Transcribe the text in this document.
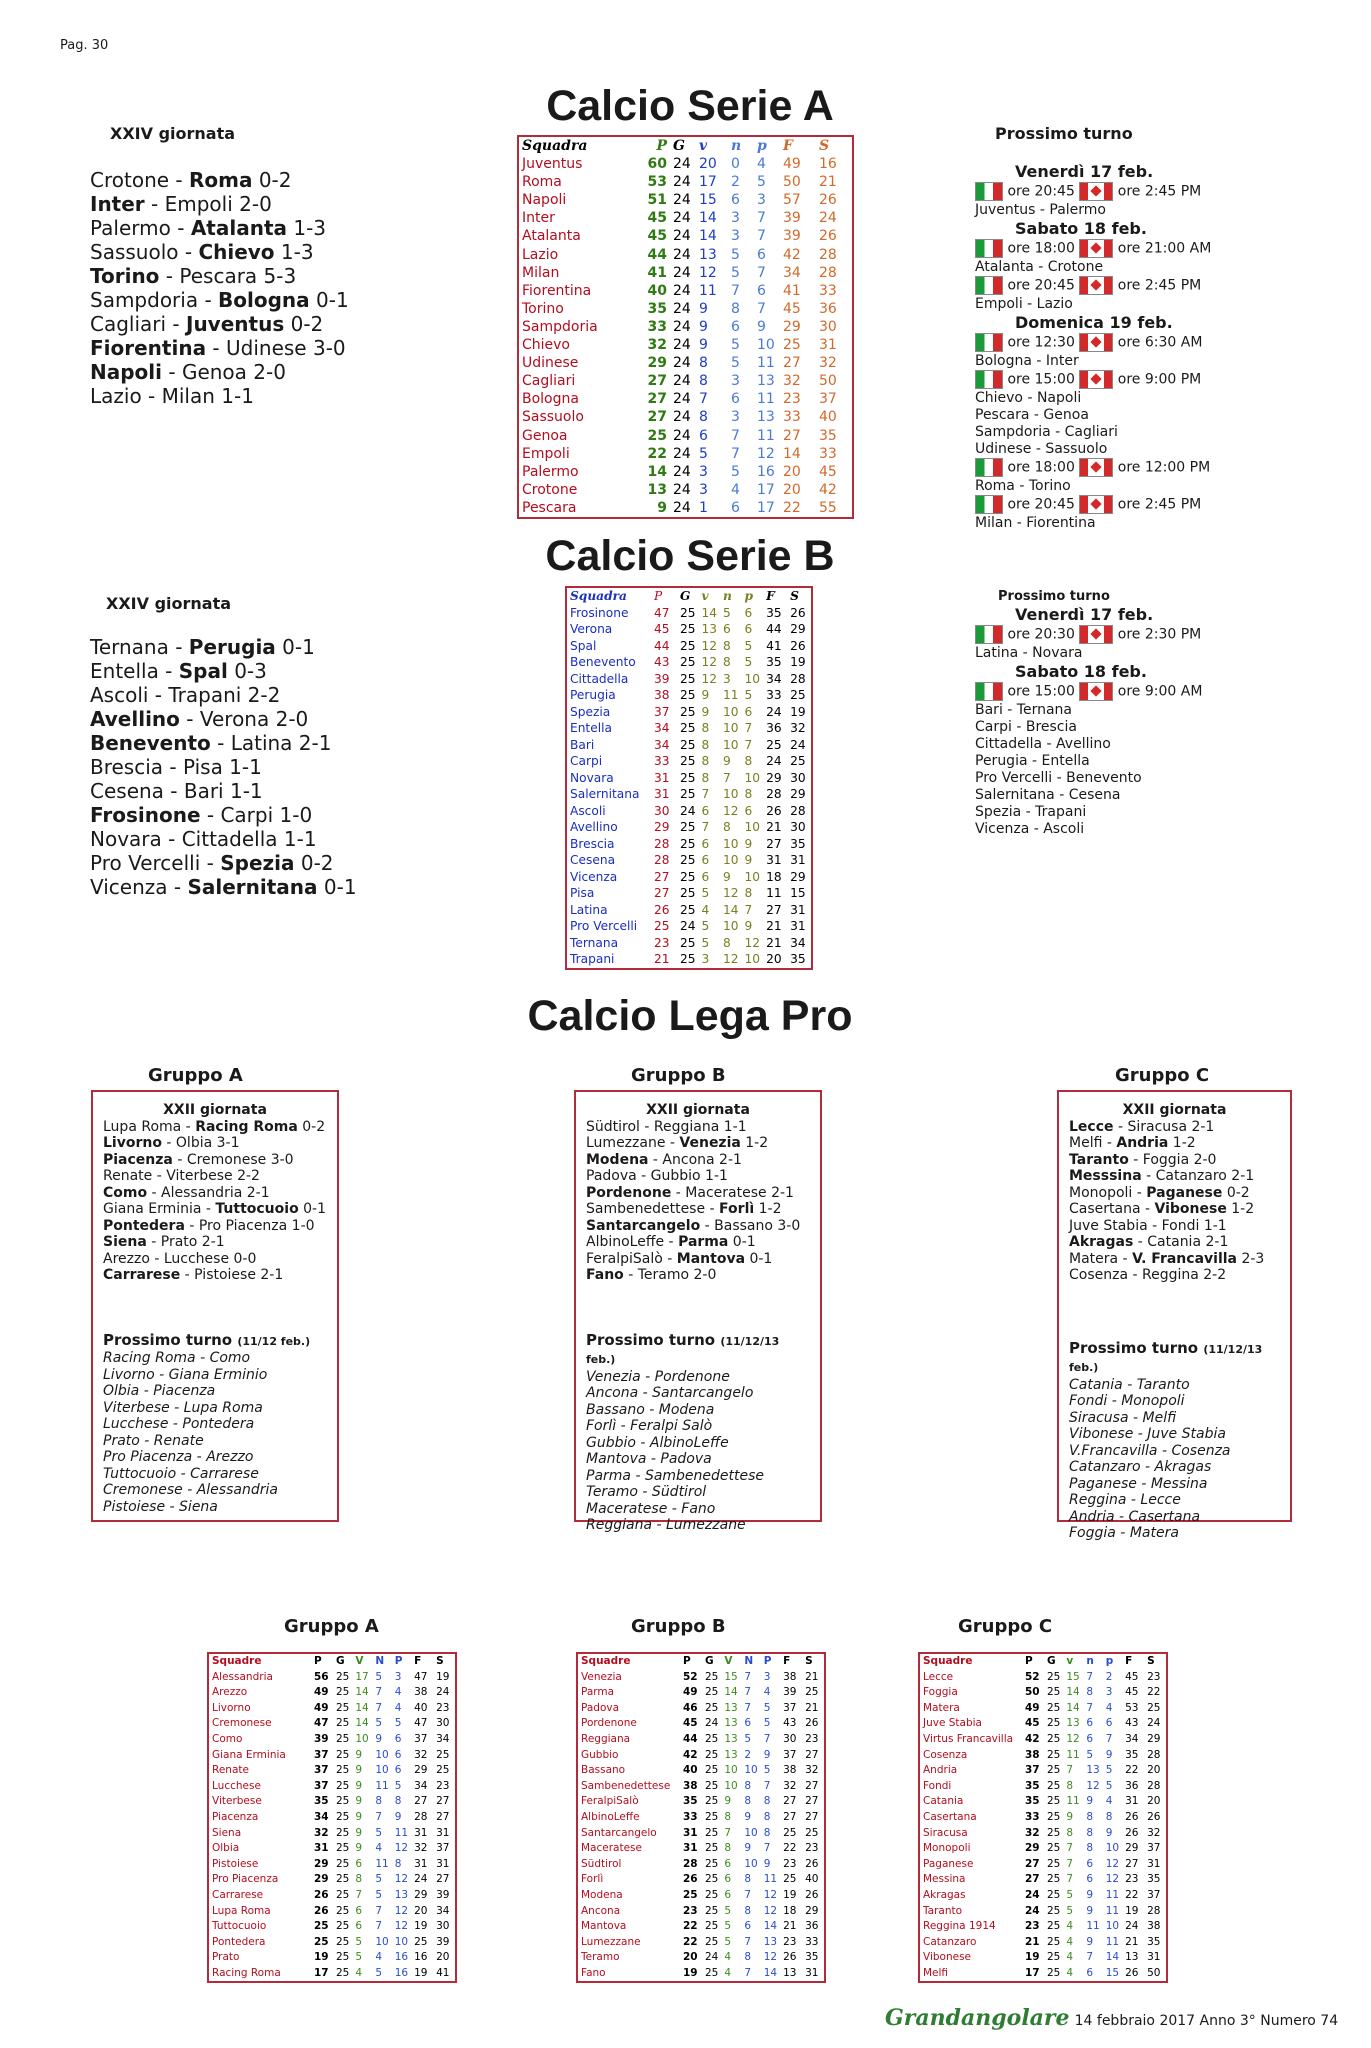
Pag. 30
Calcio Serie A
XXIV giornata
Crotone - Roma 0-2
Inter - Empoli 2-0
Palermo - Atalanta 1-3
Sassuolo - Chievo 1-3
Torino - Pescara 5-3
Sampdoria - Bologna 0-1
Cagliari - Juventus 0-2
Fiorentina - Udinese 3-0
Napoli - Genoa 2-0
Lazio - Milan 1-1
Squadra	P	G	v	n	p	F	S
Juventus	60	24	20	0	4	49	16
Roma	53	24	17	2	5	50	21
Napoli	51	24	15	6	3	57	26
Inter	45	24	14	3	7	39	24
Atalanta	45	24	14	3	7	39	26
Lazio	44	24	13	5	6	42	28
Milan	41	24	12	5	7	34	28
Fiorentina	40	24	11	7	6	41	33
Torino	35	24	9	8	7	45	36
Sampdoria	33	24	9	6	9	29	30
Chievo	32	24	9	5	10	25	31
Udinese	29	24	8	5	11	27	32
Cagliari	27	24	8	3	13	32	50
Bologna	27	24	7	6	11	23	37
Sassuolo	27	24	8	3	13	33	40
Genoa	25	24	6	7	11	27	35
Empoli	22	24	5	7	12	14	33
Palermo	14	24	3	5	16	20	45
Crotone	13	24	3	4	17	20	42
Pescara	9	24	1	6	17	22	55
Prossimo turno
Venerdì 17 feb.
ore 20:45  ore 2:45 PM
Juventus - Palermo
Sabato 18 feb.
ore 18:00  ore 21:00 AM
Atalanta - Crotone
ore 20:45  ore 2:45 PM
Empoli - Lazio
Domenica 19 feb.
ore 12:30  ore 6:30 AM
Bologna - Inter
ore 15:00  ore 9:00 PM
Chievo - Napoli
Pescara - Genoa
Sampdoria - Cagliari
Udinese - Sassuolo
ore 18:00  ore 12:00 PM
Roma - Torino
ore 20:45  ore 2:45 PM
Milan - Fiorentina
Calcio Serie B
XXIV giornata
Ternana - Perugia 0-1
Entella - Spal 0-3
Ascoli - Trapani 2-2
Avellino - Verona 2-0
Benevento - Latina 2-1
Brescia - Pisa 1-1
Cesena - Bari 1-1
Frosinone - Carpi 1-0
Novara - Cittadella 1-1
Pro Vercelli - Spezia 0-2
Vicenza - Salernitana 0-1
Squadra	P	G	v	n	p	F	S
Frosinone	47	25	14	5	6	35	26
Verona	45	25	13	6	6	44	29
Spal	44	25	12	8	5	41	26
Benevento	43	25	12	8	5	35	19
Cittadella	39	25	12	3	10	34	28
Perugia	38	25	9	11	5	33	25
Spezia	37	25	9	10	6	24	19
Entella	34	25	8	10	7	36	32
Bari	34	25	8	10	7	25	24
Carpi	33	25	8	9	8	24	25
Novara	31	25	8	7	10	29	30
Salernitana	31	25	7	10	8	28	29
Ascoli	30	24	6	12	6	26	28
Avellino	29	25	7	8	10	21	30
Brescia	28	25	6	10	9	27	35
Cesena	28	25	6	10	9	31	31
Vicenza	27	25	6	9	10	18	29
Pisa	27	25	5	12	8	11	15
Latina	26	25	4	14	7	27	31
Pro Vercelli	25	24	5	10	9	21	31
Ternana	23	25	5	8	12	21	34
Trapani	21	25	3	12	10	20	35
Prossimo turno
Venerdì 17 feb.
ore 20:30  ore 2:30 PM
Latina - Novara
Sabato 18 feb.
ore 15:00  ore 9:00 AM
Bari - Ternana
Carpi - Brescia
Cittadella - Avellino
Perugia - Entella
Pro Vercelli - Benevento
Salernitana - Cesena
Spezia - Trapani
Vicenza - Ascoli
Calcio Lega Pro
Gruppo A	Gruppo B	Gruppo C
XXII giornata
Lupa Roma - Racing Roma 0-2
Livorno - Olbia 3-1
Piacenza - Cremonese 3-0
Renate - Viterbese 2-2
Como - Alessandria 2-1
Giana Erminia - Tuttocuoio 0-1
Pontedera - Pro Piacenza 1-0
Siena - Prato 2-1
Arezzo - Lucchese 0-0
Carrarese - Pistoiese 2-1
Prossimo turno (11/12 feb.)
Racing Roma - Como
Livorno - Giana Erminio
Olbia - Piacenza
Viterbese - Lupa Roma
Lucchese - Pontedera
Prato - Renate
Pro Piacenza - Arezzo
Tuttocuoio - Carrarese
Cremonese - Alessandria
Pistoiese - Siena
XXII giornata
Südtirol - Reggiana 1-1
Lumezzane - Venezia 1-2
Modena - Ancona 2-1
Padova - Gubbio 1-1
Pordenone - Maceratese 2-1
Sambenedettese - Forlì 1-2
Santarcangelo - Bassano 3-0
AlbinoLeffe - Parma 0-1
FeralpiSalò - Mantova 0-1
Fano - Teramo 2-0
Prossimo turno (11/12/13 feb.)
Venezia - Pordenone
Ancona - Santarcangelo
Bassano - Modena
Forlì - Feralpi Salò
Gubbio - AlbinoLeffe
Mantova - Padova
Parma - Sambenedettese
Teramo - Südtirol
Maceratese - Fano
Reggiana - Lumezzane
XXII giornata
Lecce - Siracusa 2-1
Melfi - Andria 1-2
Taranto - Foggia 2-0
Messsina - Catanzaro 2-1
Monopoli - Paganese 0-2
Casertana - Vibonese 1-2
Juve Stabia - Fondi 1-1
Akragas - Catania 2-1
Matera - V. Francavilla 2-3
Cosenza - Reggina 2-2
Prossimo turno (11/12/13 feb.)
Catania - Taranto
Fondi - Monopoli
Siracusa - Melfi
Vibonese - Juve Stabia
V.Francavilla - Cosenza
Catanzaro - Akragas
Paganese - Messina
Reggina - Lecce
Andria - Casertana
Foggia - Matera
Gruppo A	Gruppo B	Gruppo C
Squadre	P	G	V	N	P	F	S
Alessandria	56	25	17	5	3	47	19
Arezzo	49	25	14	7	4	38	24
Livorno	49	25	14	7	4	40	23
Cremonese	47	25	14	5	5	47	30
Como	39	25	10	9	6	37	34
Giana Erminia	37	25	9	10	6	32	25
Renate	37	25	9	10	6	29	25
Lucchese	37	25	9	11	5	34	23
Viterbese	35	25	9	8	8	27	27
Piacenza	34	25	9	7	9	28	27
Siena	32	25	9	5	11	31	31
Olbia	31	25	9	4	12	32	37
Pistoiese	29	25	6	11	8	31	31
Pro Piacenza	29	25	8	5	12	24	27
Carrarese	26	25	7	5	13	29	39
Lupa Roma	26	25	6	7	12	20	34
Tuttocuoio	25	25	6	7	12	19	30
Pontedera	25	25	5	10	10	25	39
Prato	19	25	5	4	16	16	20
Racing Roma	17	25	4	5	16	19	41
Squadre	P	G	V	N	P	F	S
Venezia	52	25	15	7	3	38	21
Parma	49	25	14	7	4	39	25
Padova	46	25	13	7	5	37	21
Pordenone	45	24	13	6	5	43	26
Reggiana	44	25	13	5	7	30	23
Gubbio	42	25	13	2	9	37	27
Bassano	40	25	10	10	5	38	32
Sambenedettese	38	25	10	8	7	32	27
FeralpiSalò	35	25	9	8	8	27	27
AlbinoLeffe	33	25	8	9	8	27	27
Santarcangelo	31	25	7	10	8	25	25
Maceratese	31	25	8	9	7	22	23
Südtirol	28	25	6	10	9	23	26
Forlì	26	25	6	8	11	25	40
Modena	25	25	6	7	12	19	26
Ancona	23	25	5	8	12	18	29
Mantova	22	25	5	6	14	21	36
Lumezzane	22	25	5	7	13	23	33
Teramo	20	24	4	8	12	26	35
Fano	19	25	4	7	14	13	31
Squadre	P	G	v	n	p	F	S
Lecce	52	25	15	7	2	45	23
Foggia	50	25	14	8	3	45	22
Matera	49	25	14	7	4	53	25
Juve Stabia	45	25	13	6	6	43	24
Virtus Francavilla	42	25	12	6	7	34	29
Cosenza	38	25	11	5	9	35	28
Andria	37	25	7	13	5	22	20
Fondi	35	25	8	12	5	36	28
Catania	35	25	11	9	4	31	20
Casertana	33	25	9	8	8	26	26
Siracusa	32	25	8	8	9	26	32
Monopoli	29	25	7	8	10	29	37
Paganese	27	25	7	6	12	27	31
Messina	27	25	7	6	12	23	35
Akragas	24	25	5	9	11	22	37
Taranto	24	25	5	9	11	19	28
Reggina 1914	23	25	4	11	10	24	38
Catanzaro	21	25	4	9	11	21	35
Vibonese	19	25	4	7	14	13	31
Melfi	17	25	4	6	15	26	50
Grandangolare 14 febbraio 2017 Anno 3° Numero 74
